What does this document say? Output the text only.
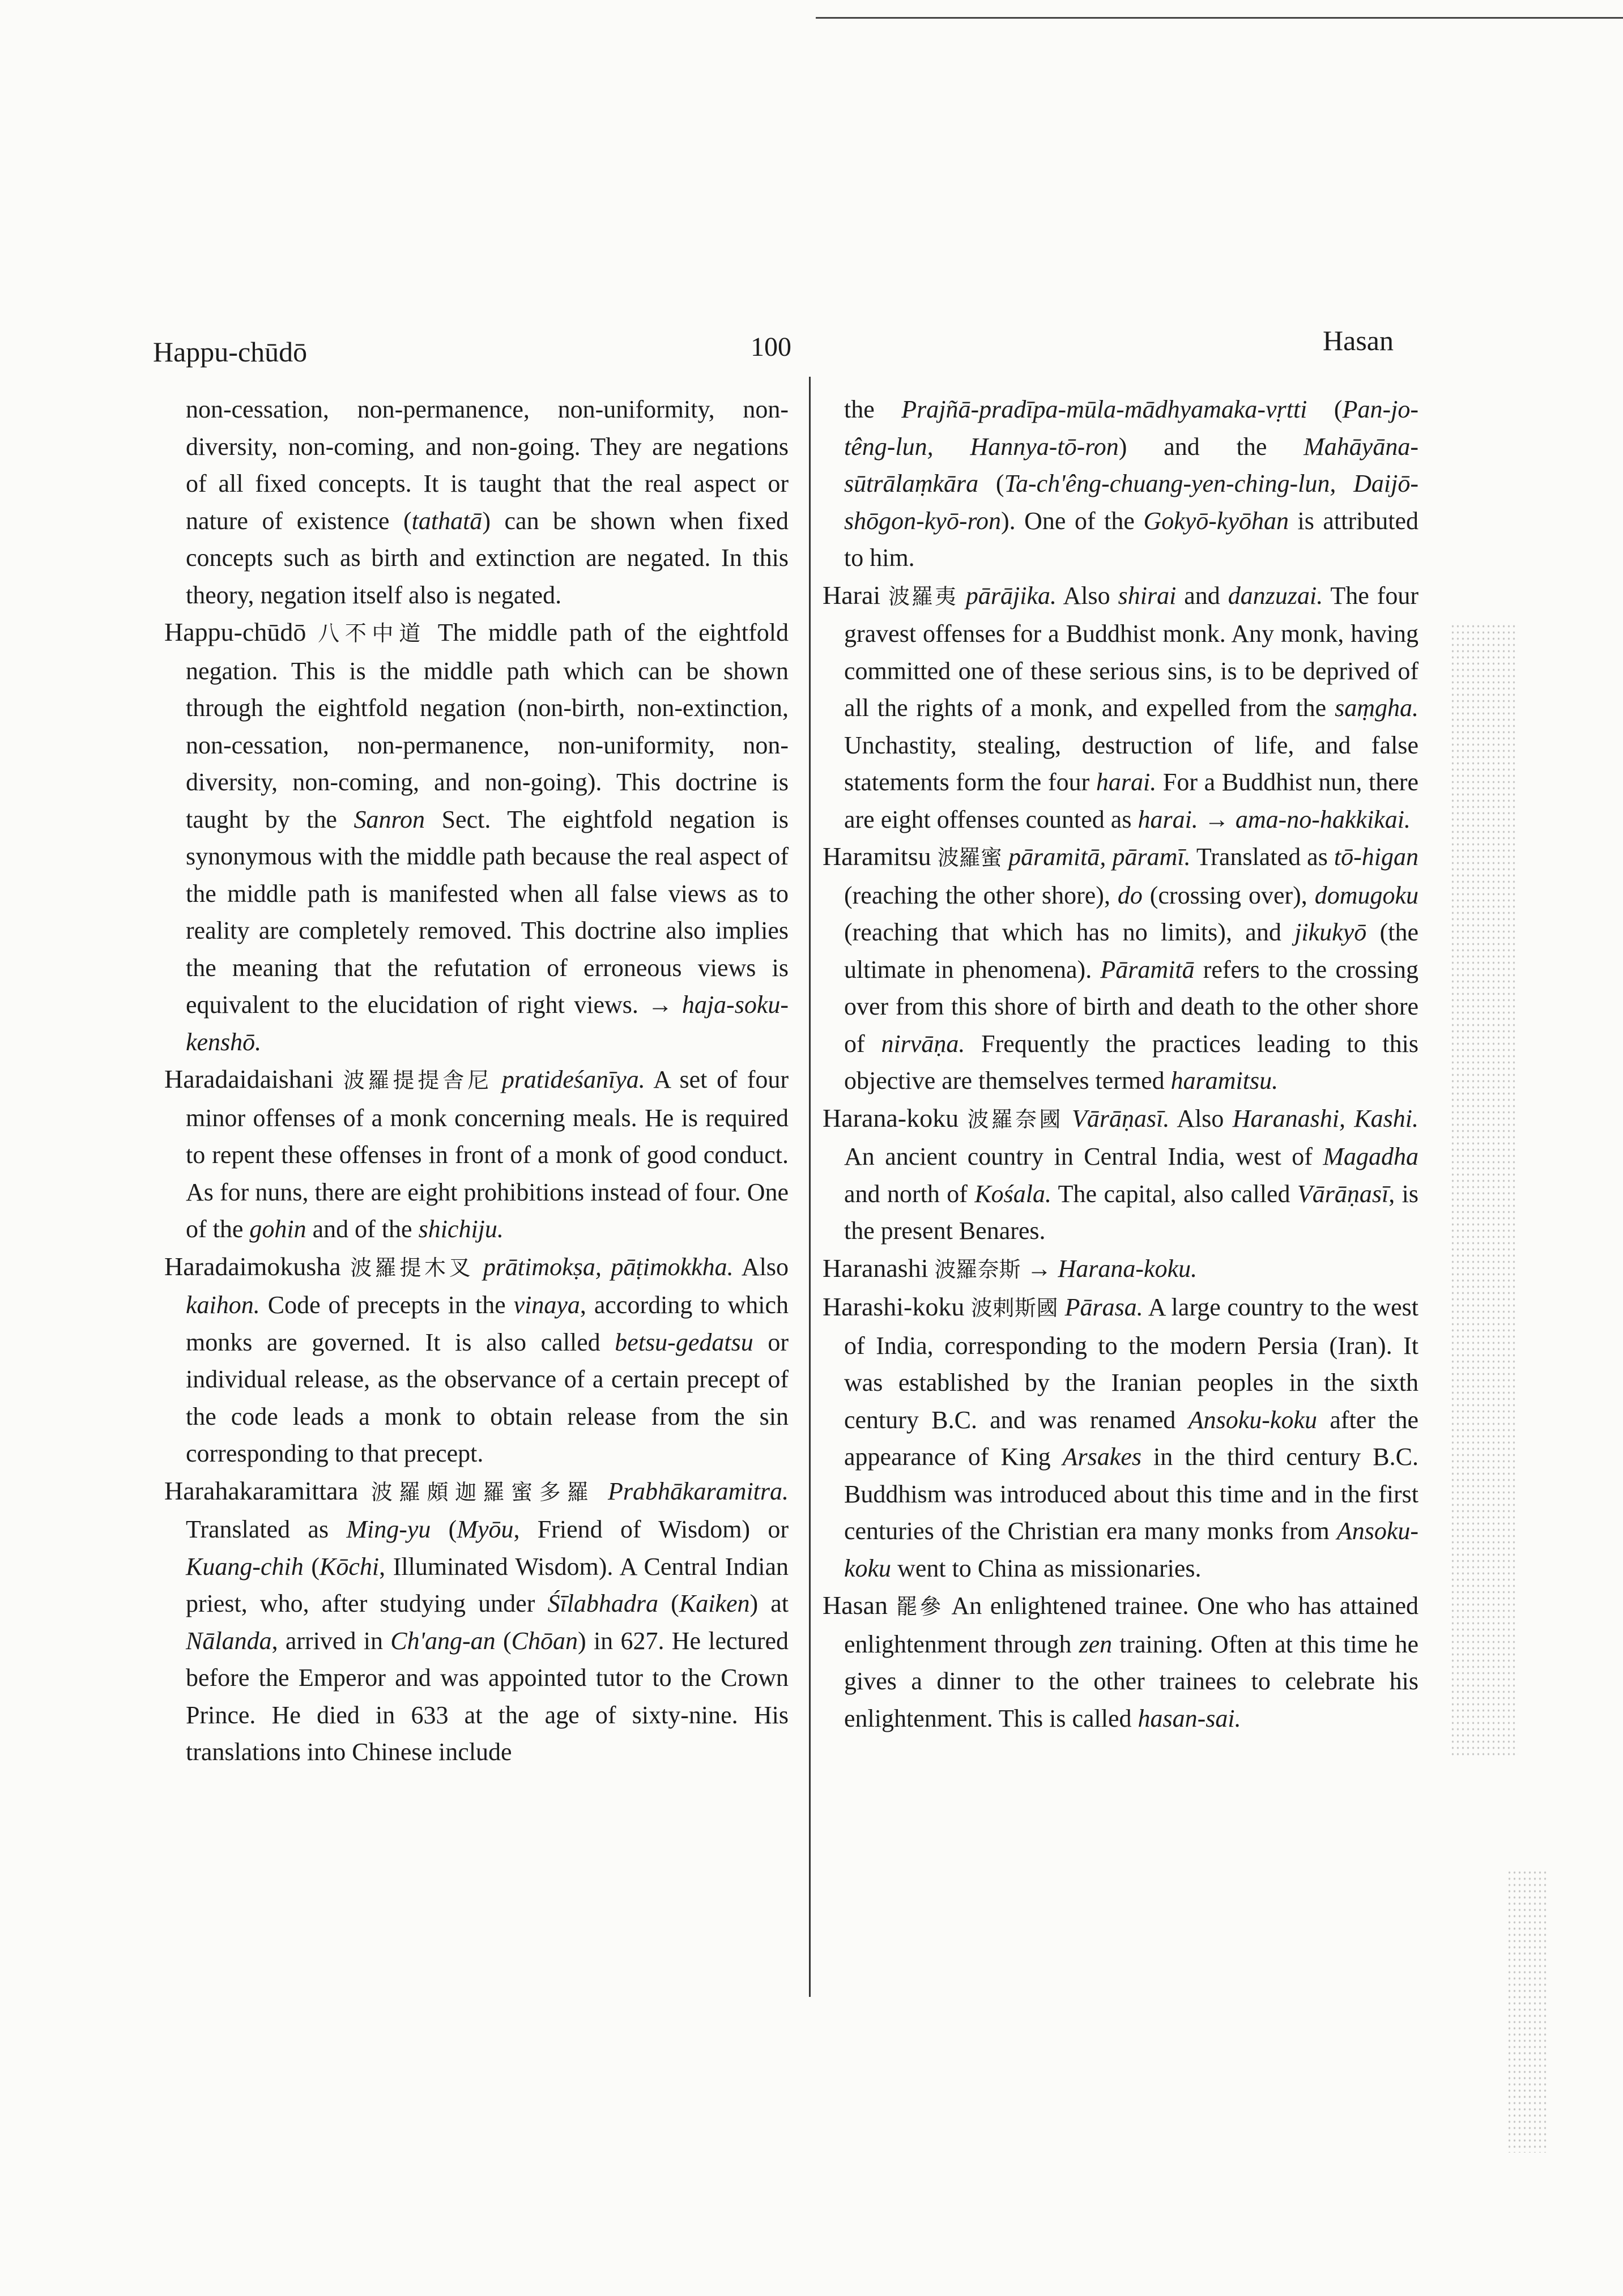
Happu-chūdō	100	Hasan

non-cessation, non-permanence, non-uniformity, non-diversity, non-coming, and non-going. They are negations of all fixed concepts. It is taught that the real aspect or nature of existence (tathatā) can be shown when fixed concepts such as birth and extinction are negated. In this theory, negation itself also is negated.

Happu-chūdō 八不中道 The middle path of the eightfold negation. This is the middle path which can be shown through the eightfold negation (non-birth, non-extinction, non-cessation, non-permanence, non-uniformity, non-diversity, non-coming, and non-going). This doctrine is taught by the Sanron Sect. The eightfold negation is synonymous with the middle path because the real aspect of the middle path is manifested when all false views as to reality are completely removed. This doctrine also implies the meaning that the refutation of erroneous views is equivalent to the elucidation of right views. → haja-soku-kenshō.

Haradaidaishani 波羅提提舎尼 pratideśanīya. A set of four minor offenses of a monk concerning meals. He is required to repent these offenses in front of a monk of good conduct. As for nuns, there are eight prohibitions instead of four. One of the gohin and of the shichiju.

Haradaimokusha 波羅提木叉 prātimokṣa, pāṭimokkha. Also kaihon. Code of precepts in the vinaya, according to which monks are governed. It is also called betsu-gedatsu or individual release, as the observance of a certain precept of the code leads a monk to obtain release from the sin corresponding to that precept.

Harahakaramittara 波羅頗迦羅蜜多羅 Prabhākaramitra. Translated as Ming-yu (Myōu, Friend of Wisdom) or Kuang-chih (Kōchi, Illuminated Wisdom). A Central Indian priest, who, after studying under Śīlabhadra (Kaiken) at Nālanda, arrived in Ch'ang-an (Chōan) in 627. He lectured before the Emperor and was appointed tutor to the Crown Prince. He died in 633 at the age of sixty-nine. His translations into Chinese include

the Prajñā-pradīpa-mūla-mādhyamaka-vṛtti (Pan-jo-têng-lun, Hannya-tō-ron) and the Mahāyāna-sūtrālaṃkāra (Ta-ch'êng-chuang-yen-ching-lun, Daijō-shōgon-kyō-ron). One of the Gokyō-kyōhan is attributed to him.

Harai 波羅夷 pārājika. Also shirai and danzuzai. The four gravest offenses for a Buddhist monk. Any monk, having committed one of these serious sins, is to be deprived of all the rights of a monk, and expelled from the saṃgha. Unchastity, stealing, destruction of life, and false statements form the four harai. For a Buddhist nun, there are eight offenses counted as harai. → ama-no-hakkikai.

Haramitsu 波羅蜜 pāramitā, pāramī. Translated as tō-higan (reaching the other shore), do (crossing over), domugoku (reaching that which has no limits), and jikukyō (the ultimate in phenomena). Pāramitā refers to the crossing over from this shore of birth and death to the other shore of nirvāṇa. Frequently the practices leading to this objective are themselves termed haramitsu.

Harana-koku 波羅奈國 Vārāṇasī. Also Haranashi, Kashi. An ancient country in Central India, west of Magadha and north of Kośala. The capital, also called Vārāṇasī, is the present Benares.

Haranashi 波羅奈斯 → Harana-koku.

Harashi-koku 波剌斯國 Pārasa. A large country to the west of India, corresponding to the modern Persia (Iran). It was established by the Iranian peoples in the sixth century B.C. and was renamed Ansoku-koku after the appearance of King Arsakes in the third century B.C. Buddhism was introduced about this time and in the first centuries of the Christian era many monks from Ansoku-koku went to China as missionaries.

Hasan 罷參 An enlightened trainee. One who has attained enlightenment through zen training. Often at this time he gives a dinner to the other trainees to celebrate his enlightenment. This is called hasan-sai.
